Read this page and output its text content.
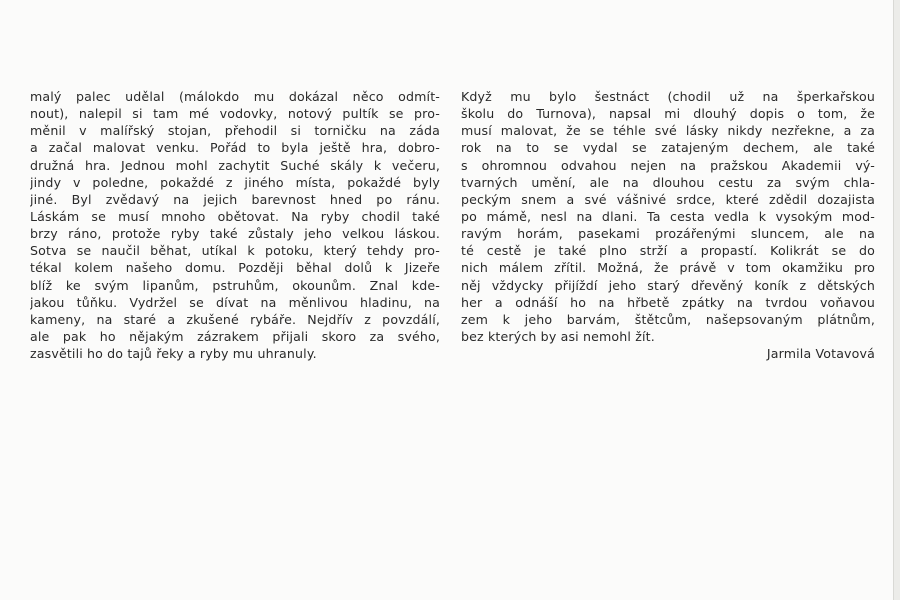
malý palec udělal (málokdo mu dokázal něco odmít-
nout), nalepil si tam mé vodovky, notový pultík se pro-
měnil v malířský stojan, přehodil si torničku na záda
a začal malovat venku. Pořád to byla ještě hra, dobro-
družná hra. Jednou mohl zachytit Suché skály k večeru,
jindy v poledne, pokaždé z jiného místa, pokaždé byly
jiné. Byl zvědavý na jejich barevnost hned po ránu.
Láskám se musí mnoho obětovat. Na ryby chodil také
brzy ráno, protože ryby také zůstaly jeho velkou láskou.
Sotva se naučil běhat, utíkal k potoku, který tehdy pro-
tékal kolem našeho domu. Později běhal dolů k Jizeře
blíž ke svým lipanům, pstruhům, okounům. Znal kde-
jakou tůňku. Vydržel se dívat na měnlivou hladinu, na
kameny, na staré a zkušené rybáře. Nejdřív z povzdálí,
ale pak ho nějakým zázrakem přijali skoro za svého,
zasvětili ho do tajů řeky a ryby mu uhranuly.
Když mu bylo šestnáct (chodil už na šperkařskou
školu do Turnova), napsal mi dlouhý dopis o tom, že
musí malovat, že se téhle své lásky nikdy nezřekne, a za
rok na to se vydal se zatajeným dechem, ale také
s ohromnou odvahou nejen na pražskou Akademii vý-
tvarných umění, ale na dlouhou cestu za svým chla-
peckým snem a své vášnivé srdce, které zdědil dozajista
po mámě, nesl na dlani. Ta cesta vedla k vysokým mod-
ravým horám, pasekami prozářenými sluncem, ale na
té cestě je také plno strží a propastí. Kolikrát se do
nich málem zřítil. Možná, že právě v tom okamžiku pro
něj vždycky přijíždí jeho starý dřevěný koník z dětských
her a odnáší ho na hřbetě zpátky na tvrdou voňavou
zem k jeho barvám, štětcům, našepsovaným plátnům,
bez kterých by asi nemohl žít.
Jarmila Votavová
